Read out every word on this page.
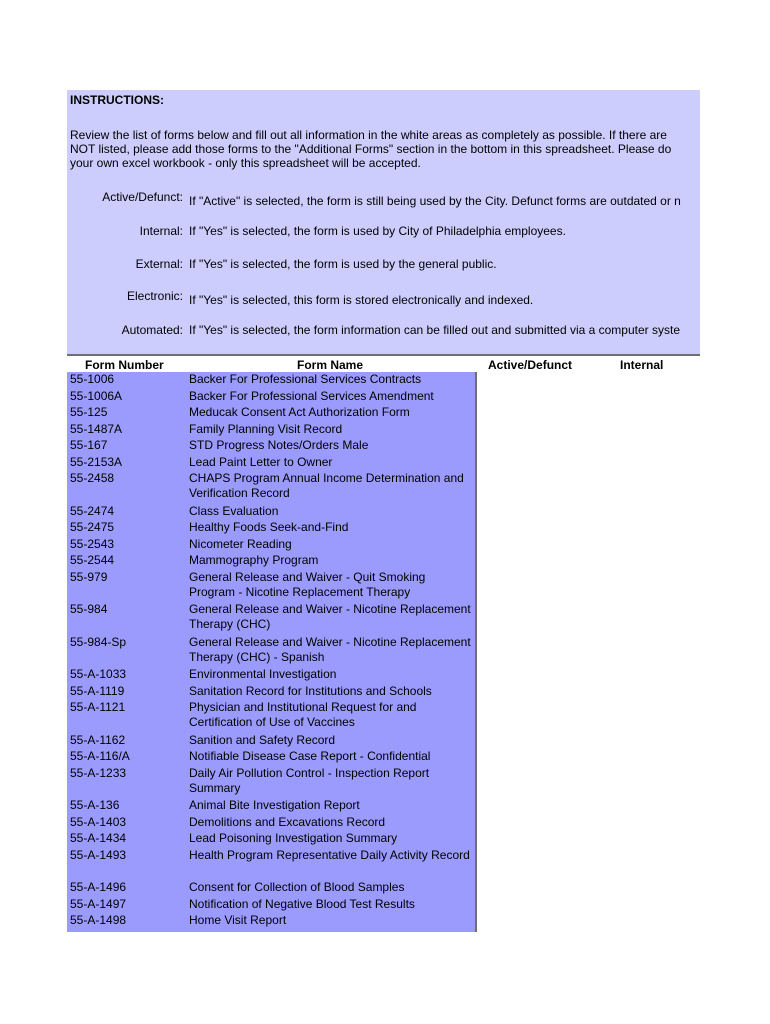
INSTRUCTIONS:
Review the list of forms below and fill out all information in the white areas as completely as possible. If there are
NOT listed, please add those forms to the "Additional Forms" section in the bottom in this spreadsheet. Please do
your own excel workbook - only this spreadsheet will be accepted.
Active/Defunct: If "Active" is selected, the form is still being used by the City. Defunct forms are outdated or n
Internal: If "Yes" is selected, the form is used by City of Philadelphia employees.
External: If "Yes" is selected, the form is used by the general public.
Electronic: If "Yes" is selected, this form is stored electronically and indexed.
Automated: If "Yes" is selected, the form information can be filled out and submitted via a computer syste
Form Number	Form Name	Active/Defunct	Internal
55-1006	Backer For Professional Services Contracts
55-1006A	Backer For Professional Services Amendment
55-125	Meducak Consent Act Authorization Form
55-1487A	Family Planning Visit Record
55-167	STD Progress Notes/Orders Male
55-2153A	Lead Paint Letter to Owner
55-2458	CHAPS Program Annual Income Determination and Verification Record
55-2474	Class Evaluation
55-2475	Healthy Foods Seek-and-Find
55-2543	Nicometer Reading
55-2544	Mammography Program
55-979	General Release and Waiver - Quit Smoking Program - Nicotine Replacement Therapy
55-984	General Release and Waiver - Nicotine Replacement Therapy (CHC)
55-984-Sp	General Release and Waiver - Nicotine Replacement Therapy (CHC) - Spanish
55-A-1033	Environmental Investigation
55-A-1119	Sanitation Record for Institutions and Schools
55-A-1121	Physician and Institutional Request for and Certification of Use of Vaccines
55-A-1162	Sanition and Safety Record
55-A-116/A	Notifiable Disease Case Report - Confidential
55-A-1233	Daily Air Pollution Control - Inspection Report Summary
55-A-136	Animal Bite Investigation Report
55-A-1403	Demolitions and Excavations Record
55-A-1434	Lead Poisoning Investigation Summary
55-A-1493	Health Program Representative Daily Activity Record
55-A-1496	Consent for Collection of Blood Samples
55-A-1497	Notification of Negative Blood Test Results
55-A-1498	Home Visit Report
